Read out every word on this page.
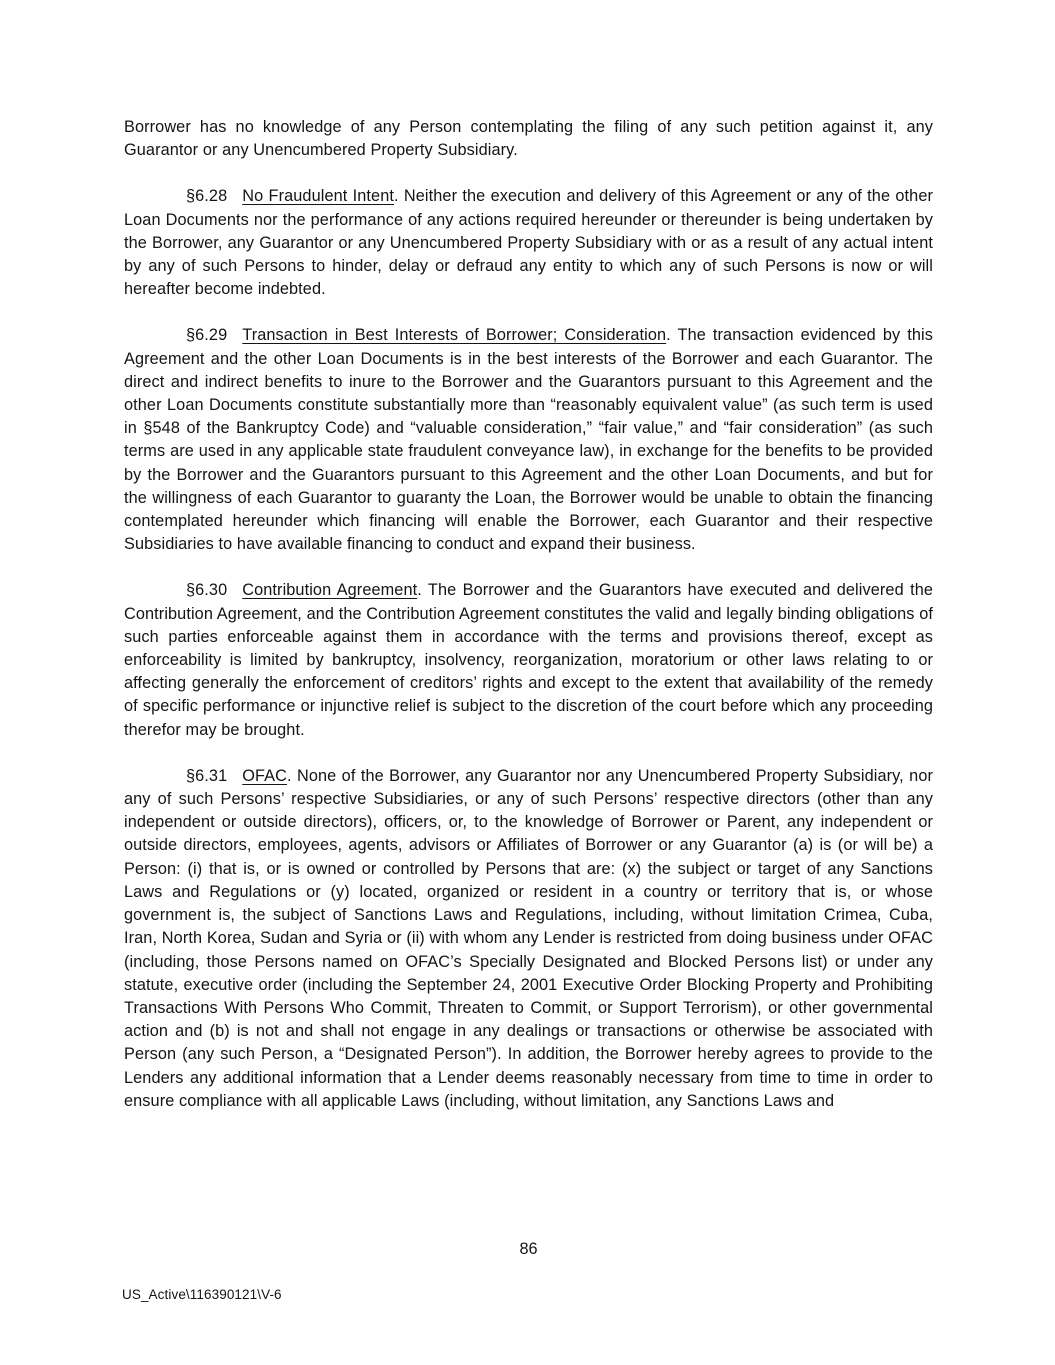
Borrower has no knowledge of any Person contemplating the filing of any such petition against it, any Guarantor or any Unencumbered Property Subsidiary.

§6.28 No Fraudulent Intent. Neither the execution and delivery of this Agreement or any of the other Loan Documents nor the performance of any actions required hereunder or thereunder is being undertaken by the Borrower, any Guarantor or any Unencumbered Property Subsidiary with or as a result of any actual intent by any of such Persons to hinder, delay or defraud any entity to which any of such Persons is now or will hereafter become indebted.

§6.29 Transaction in Best Interests of Borrower; Consideration. The transaction evidenced by this Agreement and the other Loan Documents is in the best interests of the Borrower and each Guarantor. The direct and indirect benefits to inure to the Borrower and the Guarantors pursuant to this Agreement and the other Loan Documents constitute substantially more than “reasonably equivalent value” (as such term is used in §548 of the Bankruptcy Code) and “valuable consideration,” “fair value,” and “fair consideration” (as such terms are used in any applicable state fraudulent conveyance law), in exchange for the benefits to be provided by the Borrower and the Guarantors pursuant to this Agreement and the other Loan Documents, and but for the willingness of each Guarantor to guaranty the Loan, the Borrower would be unable to obtain the financing contemplated hereunder which financing will enable the Borrower, each Guarantor and their respective Subsidiaries to have available financing to conduct and expand their business.

§6.30 Contribution Agreement. The Borrower and the Guarantors have executed and delivered the Contribution Agreement, and the Contribution Agreement constitutes the valid and legally binding obligations of such parties enforceable against them in accordance with the terms and provisions thereof, except as enforceability is limited by bankruptcy, insolvency, reorganization, moratorium or other laws relating to or affecting generally the enforcement of creditors’ rights and except to the extent that availability of the remedy of specific performance or injunctive relief is subject to the discretion of the court before which any proceeding therefor may be brought.

§6.31 OFAC. None of the Borrower, any Guarantor nor any Unencumbered Property Subsidiary, nor any of such Persons’ respective Subsidiaries, or any of such Persons’ respective directors (other than any independent or outside directors), officers, or, to the knowledge of Borrower or Parent, any independent or outside directors, employees, agents, advisors or Affiliates of Borrower or any Guarantor (a) is (or will be) a Person: (i) that is, or is owned or controlled by Persons that are: (x) the subject or target of any Sanctions Laws and Regulations or (y) located, organized or resident in a country or territory that is, or whose government is, the subject of Sanctions Laws and Regulations, including, without limitation Crimea, Cuba, Iran, North Korea, Sudan and Syria or (ii) with whom any Lender is restricted from doing business under OFAC (including, those Persons named on OFAC’s Specially Designated and Blocked Persons list) or under any statute, executive order (including the September 24, 2001 Executive Order Blocking Property and Prohibiting Transactions With Persons Who Commit, Threaten to Commit, or Support Terrorism), or other governmental action and (b) is not and shall not engage in any dealings or transactions or otherwise be associated with Person (any such Person, a “Designated Person”). In addition, the Borrower hereby agrees to provide to the Lenders any additional information that a Lender deems reasonably necessary from time to time in order to ensure compliance with all applicable Laws (including, without limitation, any Sanctions Laws and

86
US_Active\116390121\V-6
